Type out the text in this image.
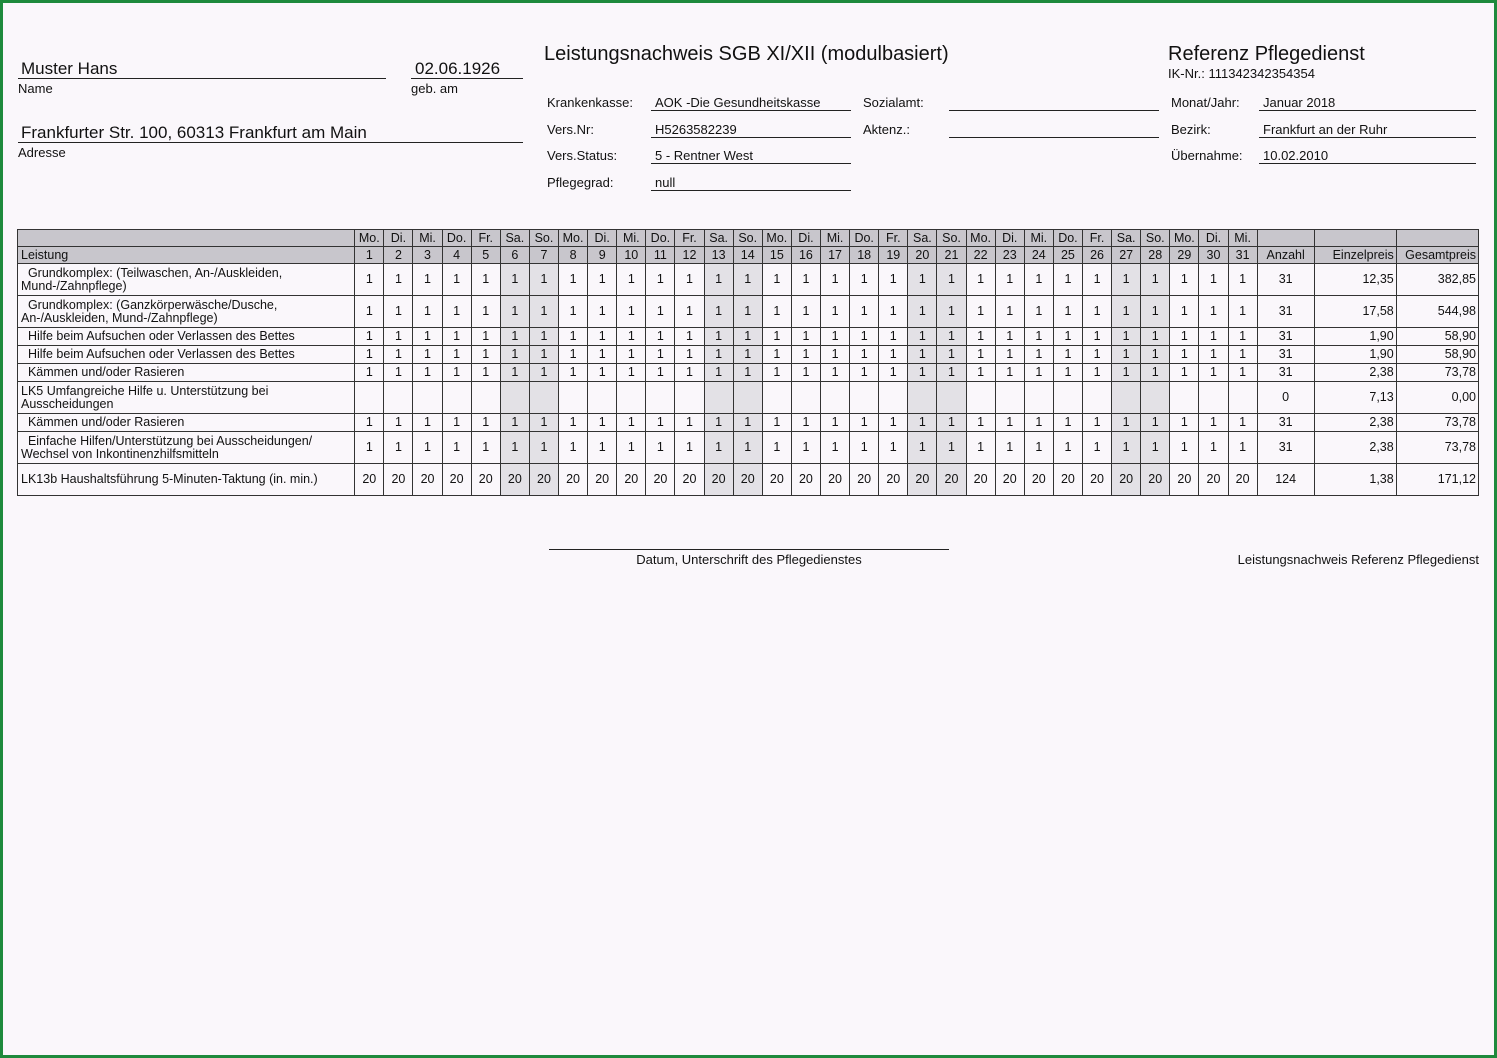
Muster Hans
Name
02.06.1926
geb. am
Frankfurter Str. 100, 60313 Frankfurt am Main
Adresse
Leistungsnachweis SGB XI/XII (modulbasiert)	Referenz Pflegedienst
IK-Nr.: 111342342354354
Krankenkasse:	AOK -Die Gesundheitskasse
Vers.Nr:	H5263582239
Vers.Status:	5 - Rentner West
Pflegegrad:	null
Sozialamt:
Aktenz.:
Monat/Jahr:	Januar 2018
Bezirk:	Frankfurt an der Ruhr
Übernahme:	10.02.2010
	Mo.	Di.	Mi.	Do.	Fr.	Sa.	So.	Mo.	Di.	Mi.	Do.	Fr.	Sa.	So.	Mo.	Di.	Mi.	Do.	Fr.	Sa.	So.	Mo.	Di.	Mi.	Do.	Fr.	Sa.	So.	Mo.	Di.	Mi.			
Leistung	1	2	3	4	5	6	7	8	9	10	11	12	13	14	15	16	17	18	19	20	21	22	23	24	25	26	27	28	29	30	31	Anzahl	Einzelpreis	Gesamtpreis
Grundkomplex: (Teilwaschen, An-/Auskleiden, Mund-/Zahnpflege)	1	1	1	1	1	1	1	1	1	1	1	1	1	1	1	1	1	1	1	1	1	1	1	1	1	1	1	1	1	1	1	31	12,35	382,85
Grundkomplex: (Ganzkörperwäsche/Dusche, An-/Auskleiden, Mund-/Zahnpflege)	1	1	1	1	1	1	1	1	1	1	1	1	1	1	1	1	1	1	1	1	1	1	1	1	1	1	1	1	1	1	1	31	17,58	544,98
Hilfe beim Aufsuchen oder Verlassen des Bettes	1	1	1	1	1	1	1	1	1	1	1	1	1	1	1	1	1	1	1	1	1	1	1	1	1	1	1	1	1	1	1	31	1,90	58,90
Hilfe beim Aufsuchen oder Verlassen des Bettes	1	1	1	1	1	1	1	1	1	1	1	1	1	1	1	1	1	1	1	1	1	1	1	1	1	1	1	1	1	1	1	31	1,90	58,90
Kämmen und/oder Rasieren	1	1	1	1	1	1	1	1	1	1	1	1	1	1	1	1	1	1	1	1	1	1	1	1	1	1	1	1	1	1	1	31	2,38	73,78
LK5 Umfangreiche Hilfe u. Unterstützung bei Ausscheidungen																																0	7,13	0,00
Kämmen und/oder Rasieren	1	1	1	1	1	1	1	1	1	1	1	1	1	1	1	1	1	1	1	1	1	1	1	1	1	1	1	1	1	1	1	31	2,38	73,78
Einfache Hilfen/Unterstützung bei Ausscheidungen/ Wechsel von Inkontinenzhilfsmitteln	1	1	1	1	1	1	1	1	1	1	1	1	1	1	1	1	1	1	1	1	1	1	1	1	1	1	1	1	1	1	1	31	2,38	73,78
LK13b Haushaltsführung 5-Minuten-Taktung (in. min.)	20	20	20	20	20	20	20	20	20	20	20	20	20	20	20	20	20	20	20	20	20	20	20	20	20	20	20	20	20	20	20	124	1,38	171,12
Datum, Unterschrift des Pflegedienstes	Leistungsnachweis Referenz Pflegedienst
